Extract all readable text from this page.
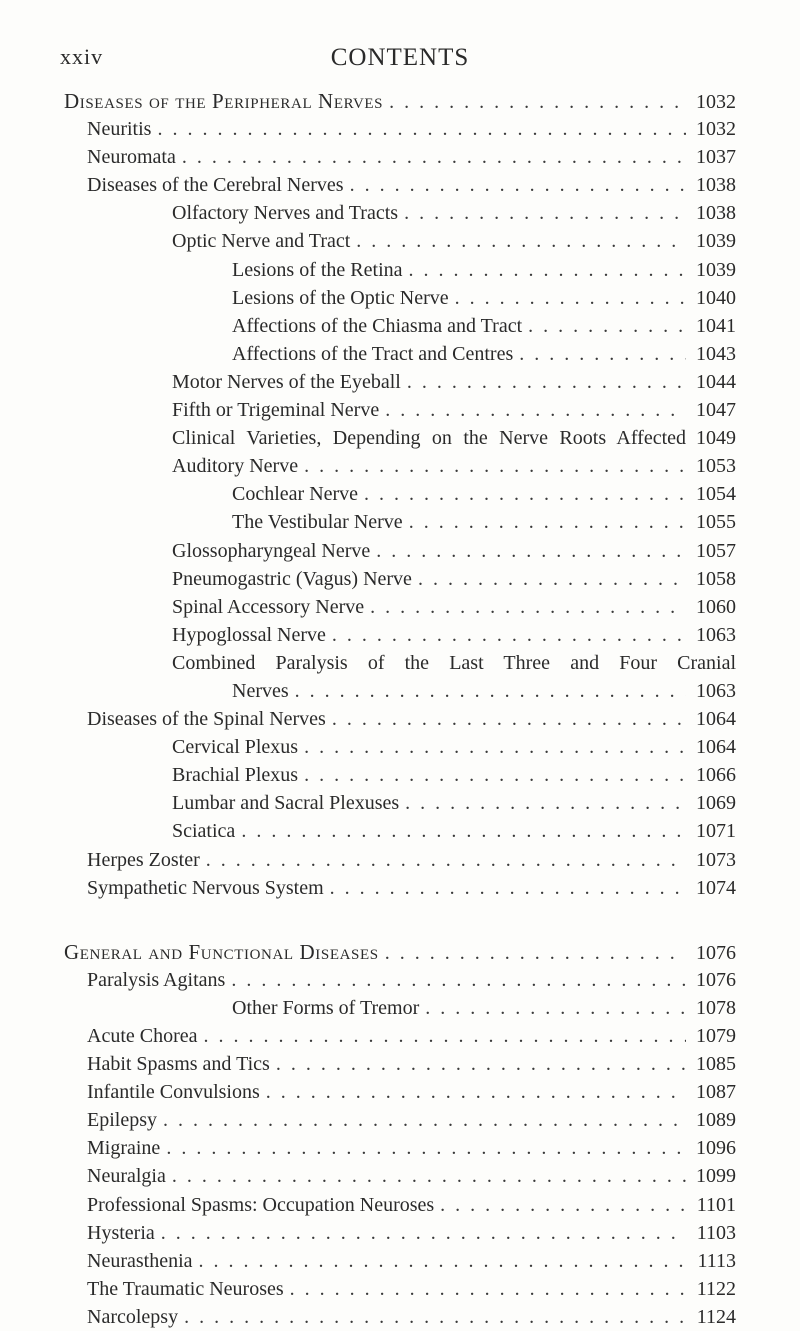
xxiv	CONTENTS
Diseases of the Peripheral Nerves . . .	1032
Neuritis . . .	1032
Neuromata . . .	1037
Diseases of the Cerebral Nerves . . .	1038
Olfactory Nerves and Tracts . . .	1038
Optic Nerve and Tract . . .	1039
Lesions of the Retina . . .	1039
Lesions of the Optic Nerve . . .	1040
Affections of the Chiasma and Tract . . .	1041
Affections of the Tract and Centres . . .	1043
Motor Nerves of the Eyeball . . .	1044
Fifth or Trigeminal Nerve . . .	1047
Clinical Varieties, Depending on the Nerve Roots Affected 1049
Auditory Nerve . . .	1053
Cochlear Nerve . . .	1054
The Vestibular Nerve . . .	1055
Glossopharyngeal Nerve . . .	1057
Pneumogastric (Vagus) Nerve . . .	1058
Spinal Accessory Nerve . . .	1060
Hypoglossal Nerve . . .	1063
Combined Paralysis of the Last Three and Four Cranial
Nerves . . .	1063
Diseases of the Spinal Nerves . . .	1064
Cervical Plexus . . .	1064
Brachial Plexus . . .	1066
Lumbar and Sacral Plexuses . . .	1069
Sciatica . . .	1071
Herpes Zoster . . .	1073
Sympathetic Nervous System . . .	1074
General and Functional Diseases . . .	1076
Paralysis Agitans . . .	1076
Other Forms of Tremor . . .	1078
Acute Chorea . . .	1079
Habit Spasms and Tics . . .	1085
Infantile Convulsions . . .	1087
Epilepsy . . .	1089
Migraine . . .	1096
Neuralgia . . .	1099
Professional Spasms: Occupation Neuroses . . .	1101
Hysteria . . .	1103
Neurasthenia . . .	1113
The Traumatic Neuroses . . .	1122
Narcolepsy . . .	1124
